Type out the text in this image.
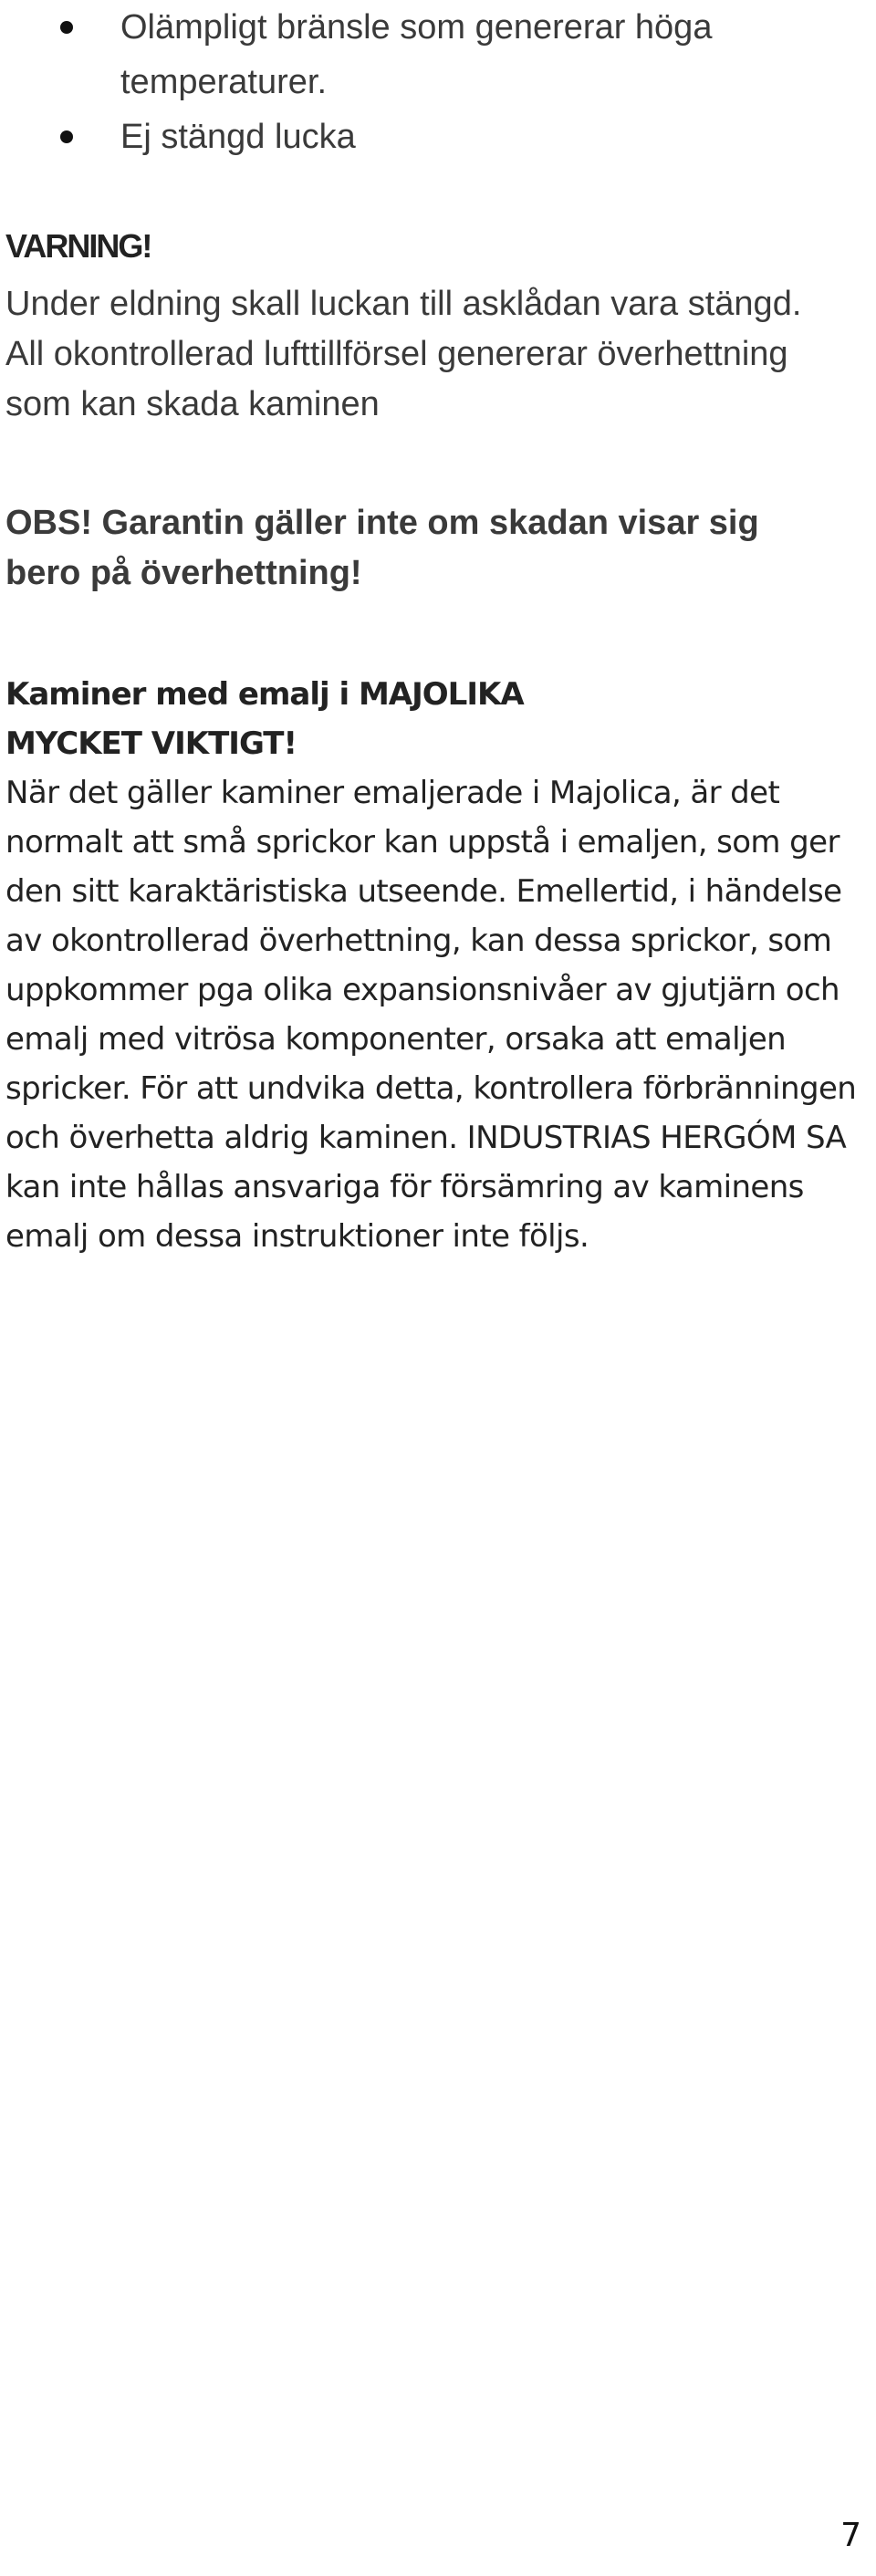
Olämpligt bränsle som genererar höga temperaturer.
Ej stängd lucka
VARNING!

Under eldning skall luckan till asklådan vara stängd.

All okontrollerad lufttillförsel genererar överhettning som kan skada kaminen

OBS! Garantin gäller inte om skadan visar sig bero på överhettning!

Kaminer med emalj i MAJOLIKA
MYCKET VIKTIGT!

När det gäller kaminer emaljerade i Majolica, är det normalt att små sprickor kan uppstå i emaljen, som ger den sitt karaktäristiska utseende. Emellertid, i händelse av okontrollerad överhettning, kan dessa sprickor, som uppkommer pga olika expansionsnivåer av gjutjärn och emalj med vitrösa komponenter, orsaka att emaljen spricker. För att undvika detta, kontrollera förbränningen och överhetta aldrig kaminen. INDUSTRIAS HERGÓM SA kan inte hållas ansvariga för försämring av kaminens emalj om dessa instruktioner inte följs.

7
